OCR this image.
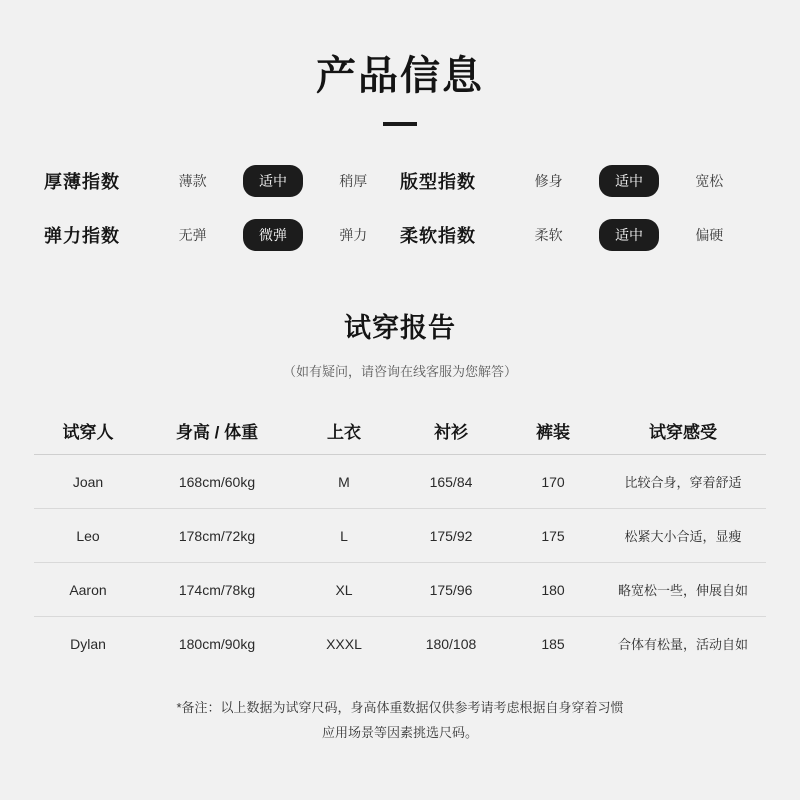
产品信息
厚薄指数	薄款	适中	稍厚	版型指数	修身	适中	宽松
弹力指数	无弹	微弹	弹力	柔软指数	柔软	适中	偏硬
试穿报告
（如有疑问，请咨询在线客服为您解答）
试穿人	身高 / 体重	上衣	衬衫	裤装	试穿感受
Joan	168cm/60kg	M	165/84	170	比较合身，穿着舒适
Leo	178cm/72kg	L	175/92	175	松紧大小合适，显瘦
Aaron	174cm/78kg	XL	175/96	180	略宽松一些，伸展自如
Dylan	180cm/90kg	XXXL	180/108	185	合体有松量，活动自如
*备注：以上数据为试穿尺码，身高体重数据仅供参考请考虑根据自身穿着习惯
应用场景等因素挑选尺码。
